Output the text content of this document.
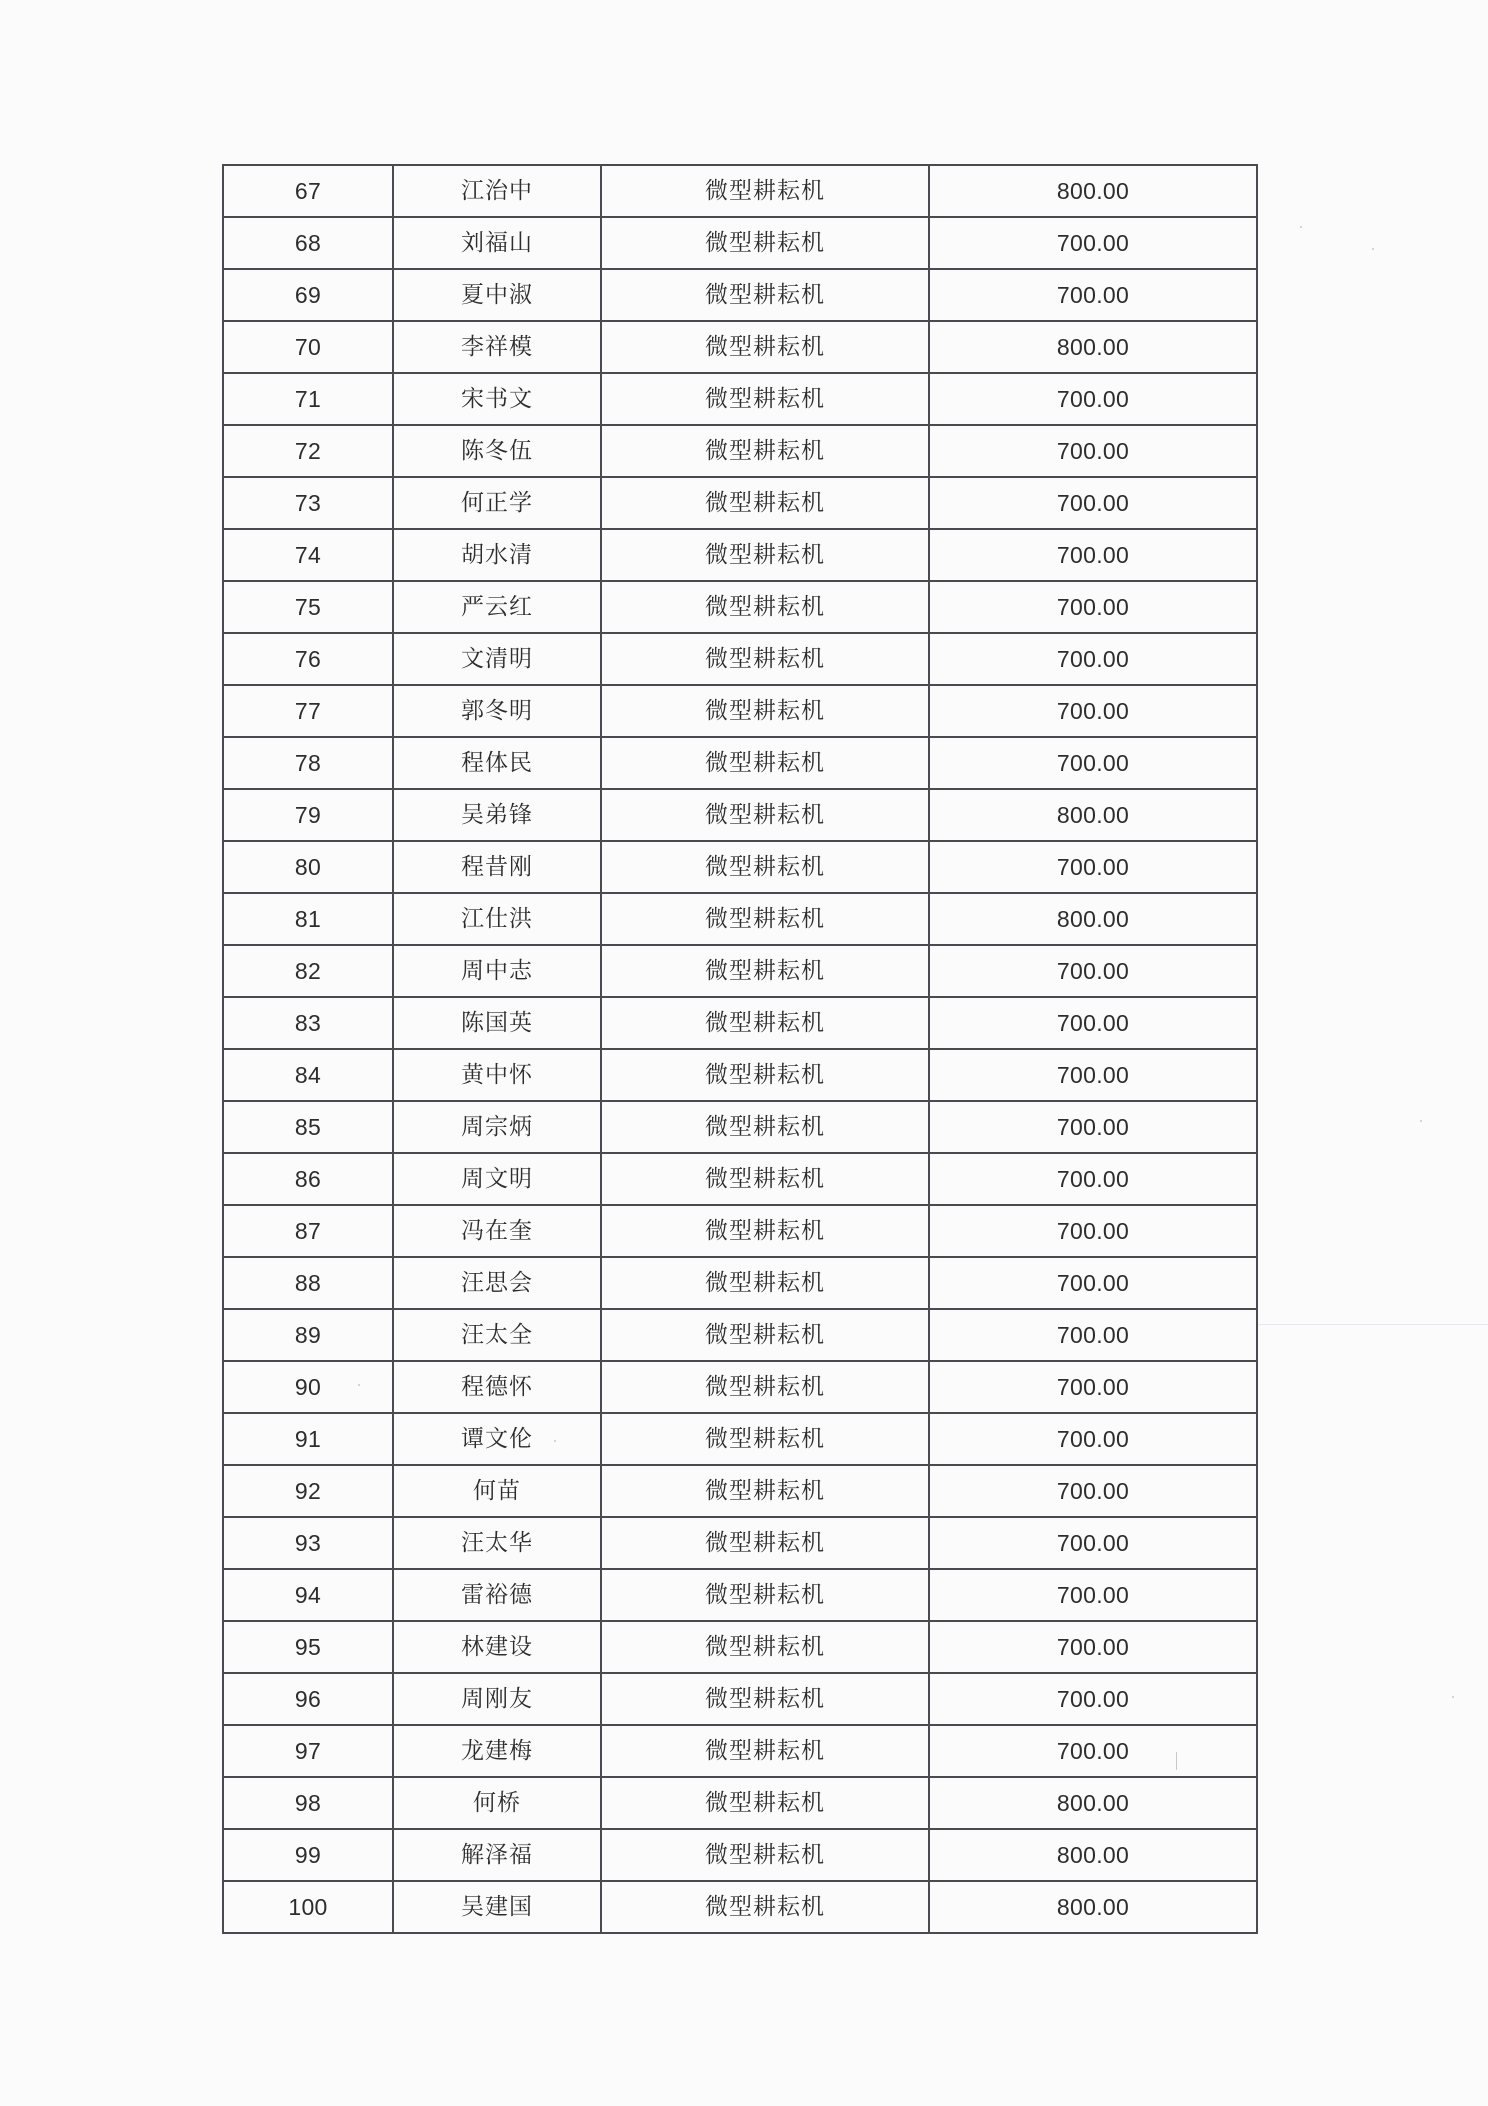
67	江治中	微型耕耘机	800.00
68	刘福山	微型耕耘机	700.00
69	夏中淑	微型耕耘机	700.00
70	李祥模	微型耕耘机	800.00
71	宋书文	微型耕耘机	700.00
72	陈冬伍	微型耕耘机	700.00
73	何正学	微型耕耘机	700.00
74	胡水清	微型耕耘机	700.00
75	严云红	微型耕耘机	700.00
76	文清明	微型耕耘机	700.00
77	郭冬明	微型耕耘机	700.00
78	程体民	微型耕耘机	700.00
79	吴弟锋	微型耕耘机	800.00
80	程昔刚	微型耕耘机	700.00
81	江仕洪	微型耕耘机	800.00
82	周中志	微型耕耘机	700.00
83	陈国英	微型耕耘机	700.00
84	黄中怀	微型耕耘机	700.00
85	周宗炳	微型耕耘机	700.00
86	周文明	微型耕耘机	700.00
87	冯在奎	微型耕耘机	700.00
88	汪思会	微型耕耘机	700.00
89	汪太全	微型耕耘机	700.00
90	程德怀	微型耕耘机	700.00
91	谭文伦	微型耕耘机	700.00
92	何苗	微型耕耘机	700.00
93	汪太华	微型耕耘机	700.00
94	雷裕德	微型耕耘机	700.00
95	林建设	微型耕耘机	700.00
96	周刚友	微型耕耘机	700.00
97	龙建梅	微型耕耘机	700.00
98	何桥	微型耕耘机	800.00
99	解泽福	微型耕耘机	800.00
100	吴建国	微型耕耘机	800.00
